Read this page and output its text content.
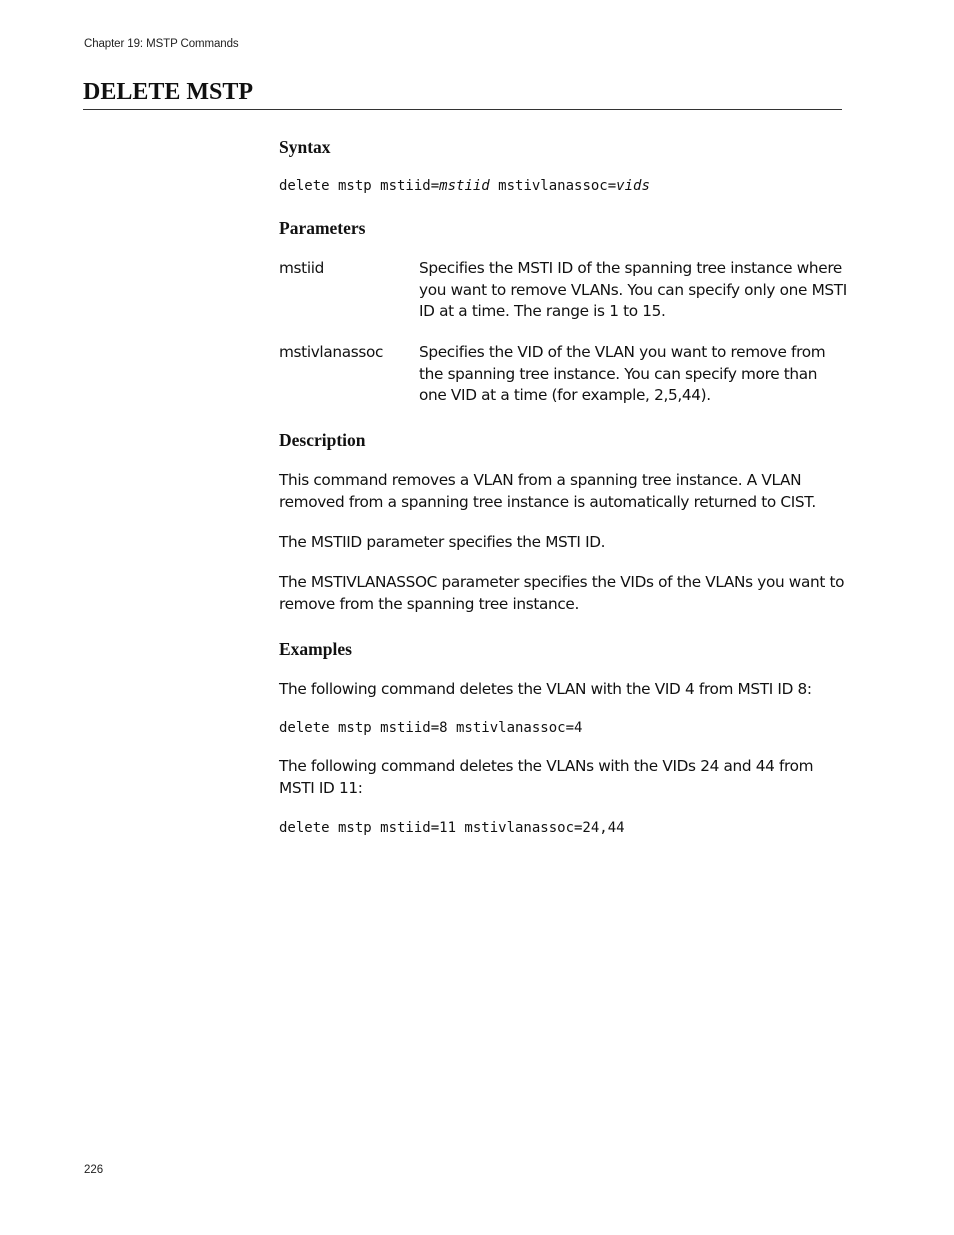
Chapter 19: MSTP Commands
DELETE MSTP
Syntax
delete mstp mstiid=mstiid mstivlanassoc=vids
Parameters
mstiid	Specifies the MSTI ID of the spanning tree instance where you want to remove VLANs. You can specify only one MSTI ID at a time. The range is 1 to 15.

mstivlanassoc Specifies the VID of the VLAN you want to remove from the spanning tree instance. You can specify more than one VID at a time (for example, 2,5,44).

Description

This command removes a VLAN from a spanning tree instance. A VLAN removed from a spanning tree instance is automatically returned to CIST.

The MSTIID parameter specifies the MSTI ID.

The MSTIVLANASSOC parameter specifies the VIDs of the VLANs you want to remove from the spanning tree instance.

Examples

The following command deletes the VLAN with the VID 4 from MSTI ID 8:

delete mstp mstiid=8 mstivlanassoc=4

The following command deletes the VLANs with the VIDs 24 and 44 from MSTI ID 11:

delete mstp mstiid=11 mstivlanassoc=24,44
226
